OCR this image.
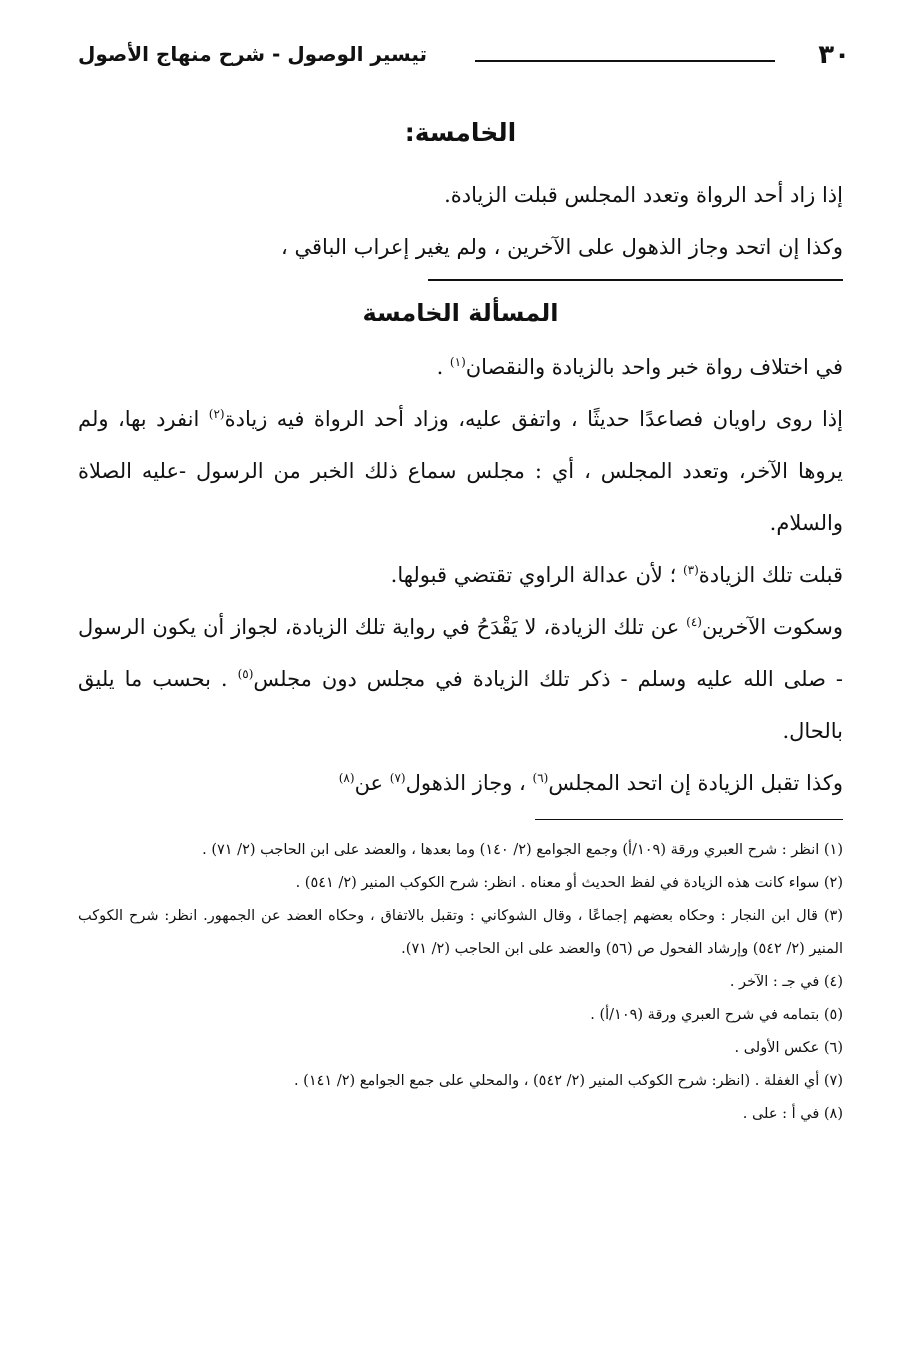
٣٠
تيسير الوصول - شرح منهاج الأصول
الخامسة:

إذا زاد أحد الرواة وتعدد المجلس قبلت الزيادة.

وكذا إن اتحد وجاز الذهول على الآخرين ، ولم يغير إعراب الباقي ،

المسألة الخامسة

في اختلاف رواة خبر واحد بالزيادة والنقصان$^{(١)}$ .

إذا روى راويان فصاعدًا حديثًا ، واتفق عليه، وزاد أحد الرواة فيه زيادة$^{(٢)}$ انفرد بها، ولم يروها الآخر، وتعدد المجلس ، أي : مجلس سماع ذلك الخبر من الرسول -عليه الصلاة والسلام.

قبلت تلك الزيادة$^{(٣)}$ ؛ لأن عدالة الراوي تقتضي قبولها.

وسكوت الآخرين$^{(٤)}$ عن تلك الزيادة، لا يَقْدَحُ في رواية تلك الزيادة، لجواز أن يكون الرسول - صلى الله عليه وسلم - ذكر تلك الزيادة في مجلس دون مجلس$^{(٥)}$ . بحسب ما يليق بالحال.

وكذا تقبل الزيادة إن اتحد المجلس$^{(٦)}$ ، وجاز الذهول$^{(٧)}$ عن$^{(٨)}$

(١) انظر : شرح العبري ورقة (١٠٩/أ) وجمع الجوامع (٢/ ١٤٠) وما بعدها ، والعضد على ابن الحاجب (٢/ ٧١) .

(٢) سواء كانت هذه الزيادة في لفظ الحديث أو معناه . انظر: شرح الكوكب المنير (٢/ ٥٤١) .

(٣) قال ابن النجار : وحكاه بعضهم إجماعًا ، وقال الشوكاني : وتقبل بالاتفاق ، وحكاه العضد عن الجمهور. انظر: شرح الكوكب المنير (٢/ ٥٤٢) وإرشاد الفحول ص (٥٦) والعضد على ابن الحاجب (٢/ ٧١).

(٤) في جـ : الآخر .

(٥) بتمامه في شرح العبري ورقة (١٠٩/أ) .

(٦) عكس الأولى .

(٧) أي الغفلة . (انظر: شرح الكوكب المنير (٢/ ٥٤٢) ، والمحلي على جمع الجوامع (٢/ ١٤١) .

(٨) في أ : على .
